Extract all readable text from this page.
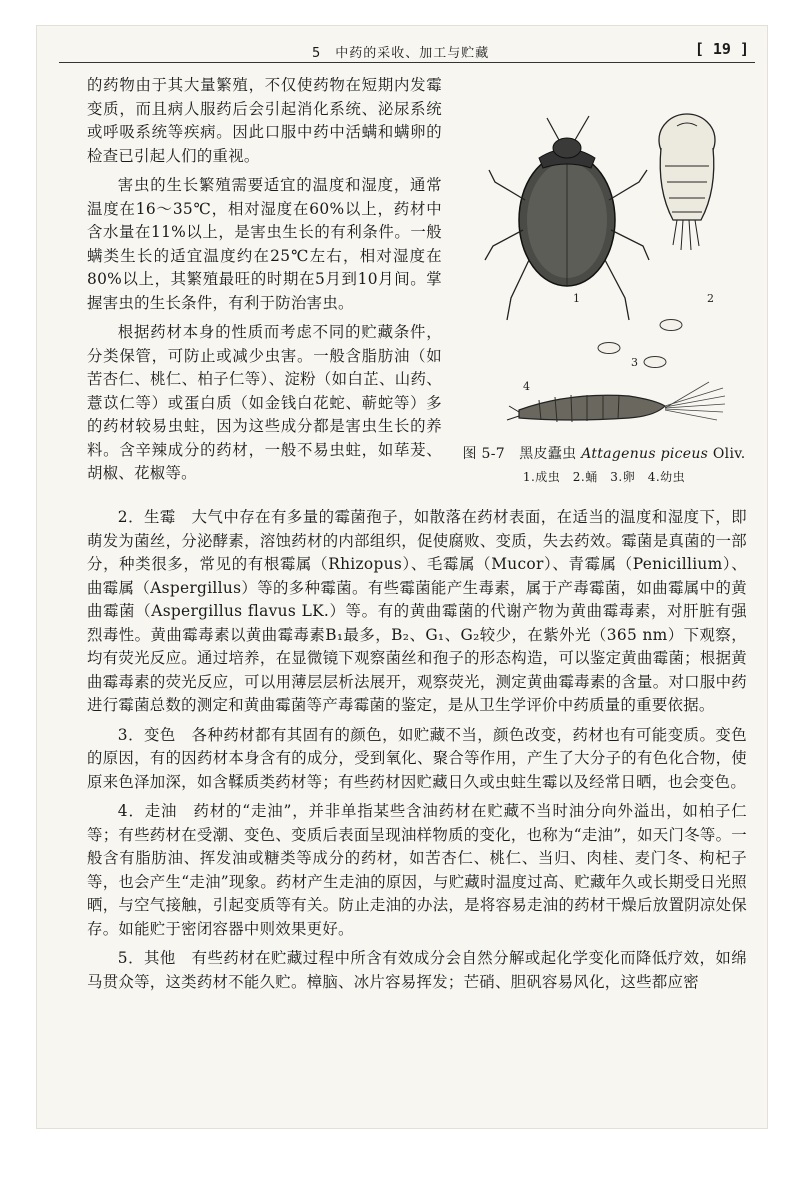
5　中药的采收、加工与贮藏	[ 19 ]

的药物由于其大量繁殖，不仅使药物在短期内发霉变质，而且病人服药后会引起消化系统、泌尿系统或呼吸系统等疾病。因此口服中药中活螨和螨卵的检查已引起人们的重视。

害虫的生长繁殖需要适宜的温度和湿度，通常温度在16～35℃，相对湿度在60%以上，药材中含水量在11%以上，是害虫生长的有利条件。一般螨类生长的适宜温度约在25℃左右，相对湿度在80%以上，其繁殖最旺的时期在5月到10月间。掌握害虫的生长条件，有利于防治害虫。

根据药材本身的性质而考虑不同的贮藏条件，分类保管，可防止或减少虫害。一般含脂肪油（如苦杏仁、桃仁、柏子仁等）、淀粉（如白芷、山药、薏苡仁等）或蛋白质（如金钱白花蛇、蕲蛇等）多的药材较易虫蛀，因为这些成分都是害虫生长的养料。含辛辣成分的药材，一般不易虫蛀，如荜茇、胡椒、花椒等。

1	2
3
4
图 5-7　黑皮蠹虫 Attagenus piceus Oliv.
1.成虫　2.蛹　3.卵　4.幼虫

2．生霉　大气中存在有多量的霉菌孢子，如散落在药材表面，在适当的温度和湿度下，即萌发为菌丝，分泌酵素，溶蚀药材的内部组织，促使腐败、变质，失去药效。霉菌是真菌的一部分，种类很多，常见的有根霉属（Rhizopus）、毛霉属（Mucor）、青霉属（Penicillium）、曲霉属（Aspergillus）等的多种霉菌。有些霉菌能产生毒素，属于产毒霉菌，如曲霉属中的黄曲霉菌（Aspergillus flavus LK.）等。有的黄曲霉菌的代谢产物为黄曲霉毒素，对肝脏有强烈毒性。黄曲霉毒素以黄曲霉毒素B₁最多，B₂、G₁、G₂较少，在紫外光（365 nm）下观察，均有荧光反应。通过培养，在显微镜下观察菌丝和孢子的形态构造，可以鉴定黄曲霉菌；根据黄曲霉毒素的荧光反应，可以用薄层层析法展开，观察荧光，测定黄曲霉毒素的含量。对口服中药进行霉菌总数的测定和黄曲霉菌等产毒霉菌的鉴定，是从卫生学评价中药质量的重要依据。

3．变色　各种药材都有其固有的颜色，如贮藏不当，颜色改变，药材也有可能变质。变色的原因，有的因药材本身含有的成分，受到氧化、聚合等作用，产生了大分子的有色化合物，使原来色泽加深，如含鞣质类药材等；有些药材因贮藏日久或虫蛀生霉以及经常日晒，也会变色。

4．走油　药材的“走油”，并非单指某些含油药材在贮藏不当时油分向外溢出，如柏子仁等；有些药材在受潮、变色、变质后表面呈现油样物质的变化，也称为“走油”，如天门冬等。一般含有脂肪油、挥发油或糖类等成分的药材，如苦杏仁、桃仁、当归、肉桂、麦门冬、枸杞子等，也会产生“走油”现象。药材产生走油的原因，与贮藏时温度过高、贮藏年久或长期受日光照晒，与空气接触，引起变质等有关。防止走油的办法，是将容易走油的药材干燥后放置阴凉处保存。如能贮于密闭容器中则效果更好。

5．其他　有些药材在贮藏过程中所含有效成分会自然分解或起化学变化而降低疗效，如绵马贯众等，这类药材不能久贮。樟脑、冰片容易挥发；芒硝、胆矾容易风化，这些都应密
